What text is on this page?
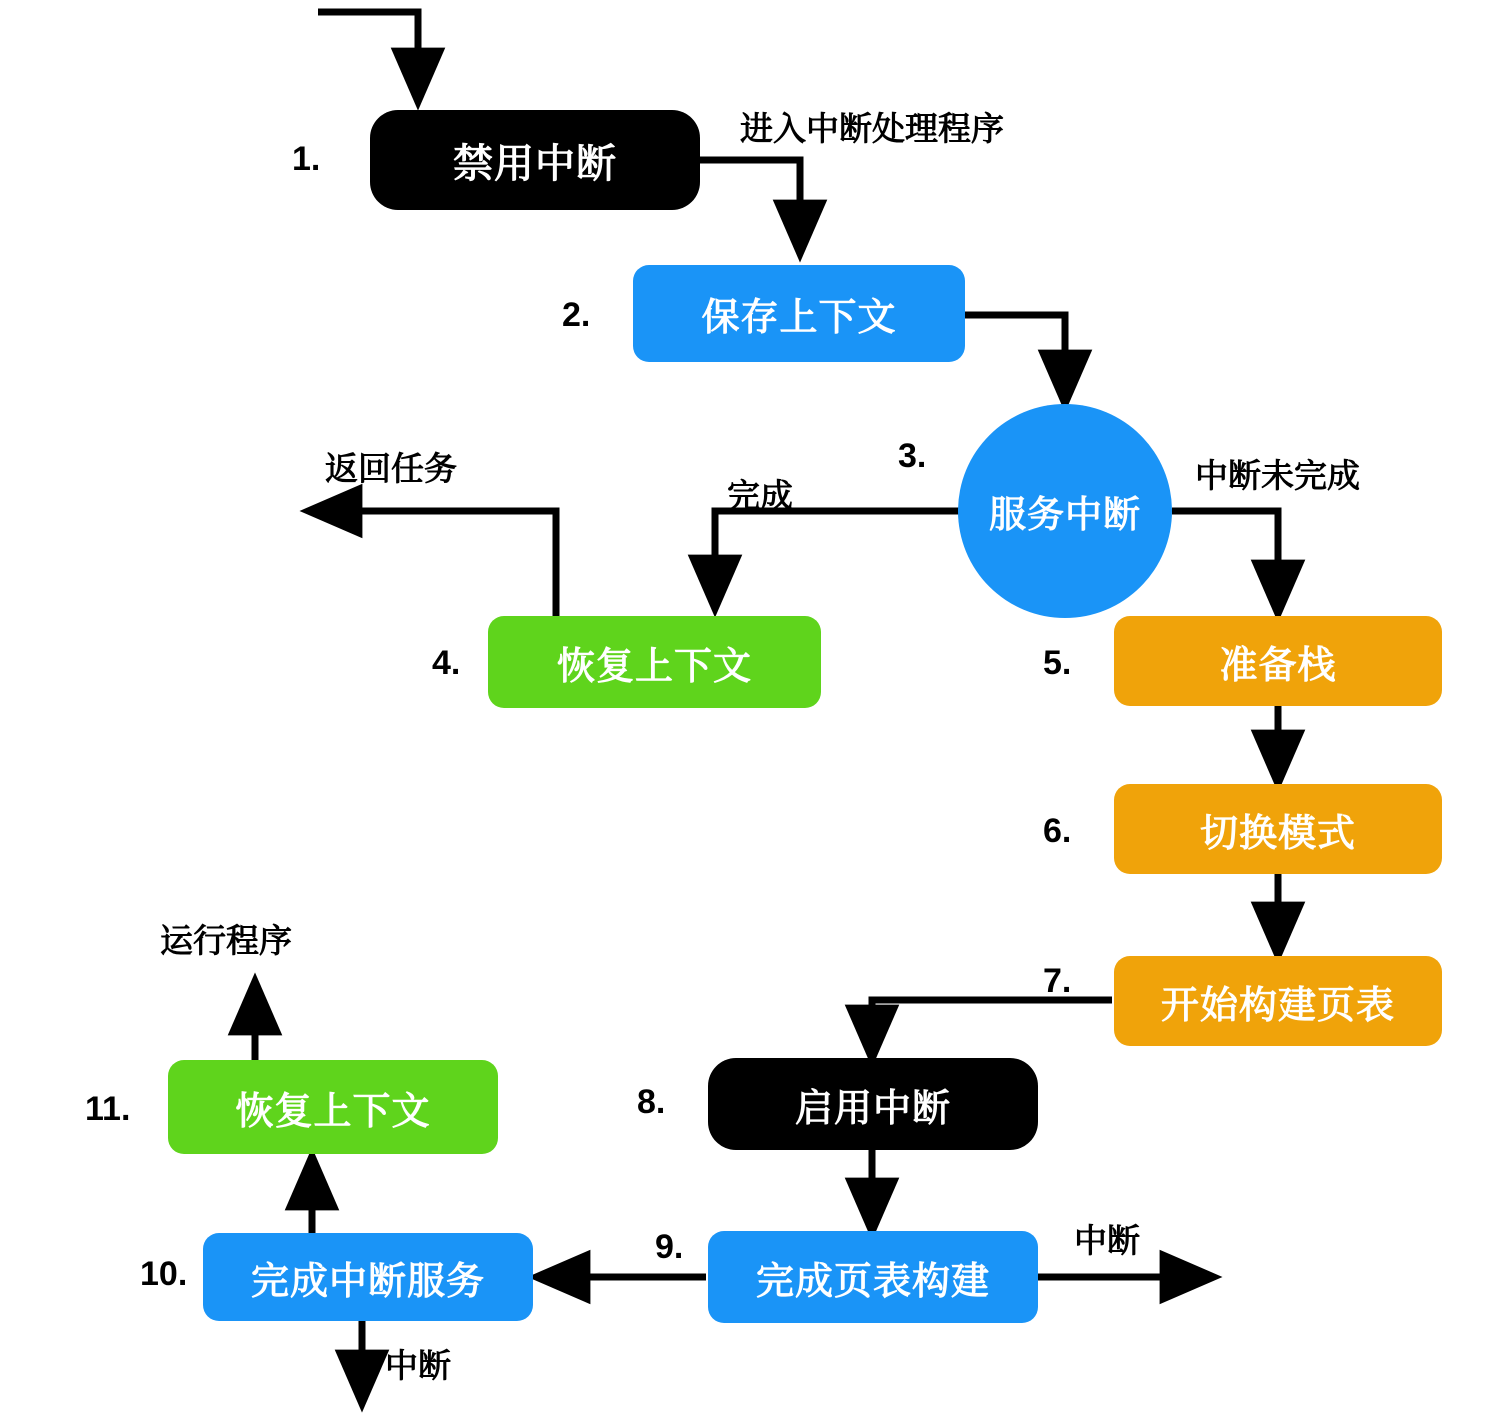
1.	禁用中断
2.	保存上下文
3.
服务中断
4.	恢复上下文	5.	准备栈
6.	切换模式
7.
开始构建页表
8.	启用中断
9.
完成页表构建
10. 完成中断服务
11.	恢复上下文
进入中断处理程序
返回任务
完成
中断未完成
运行程序
中断
中断
